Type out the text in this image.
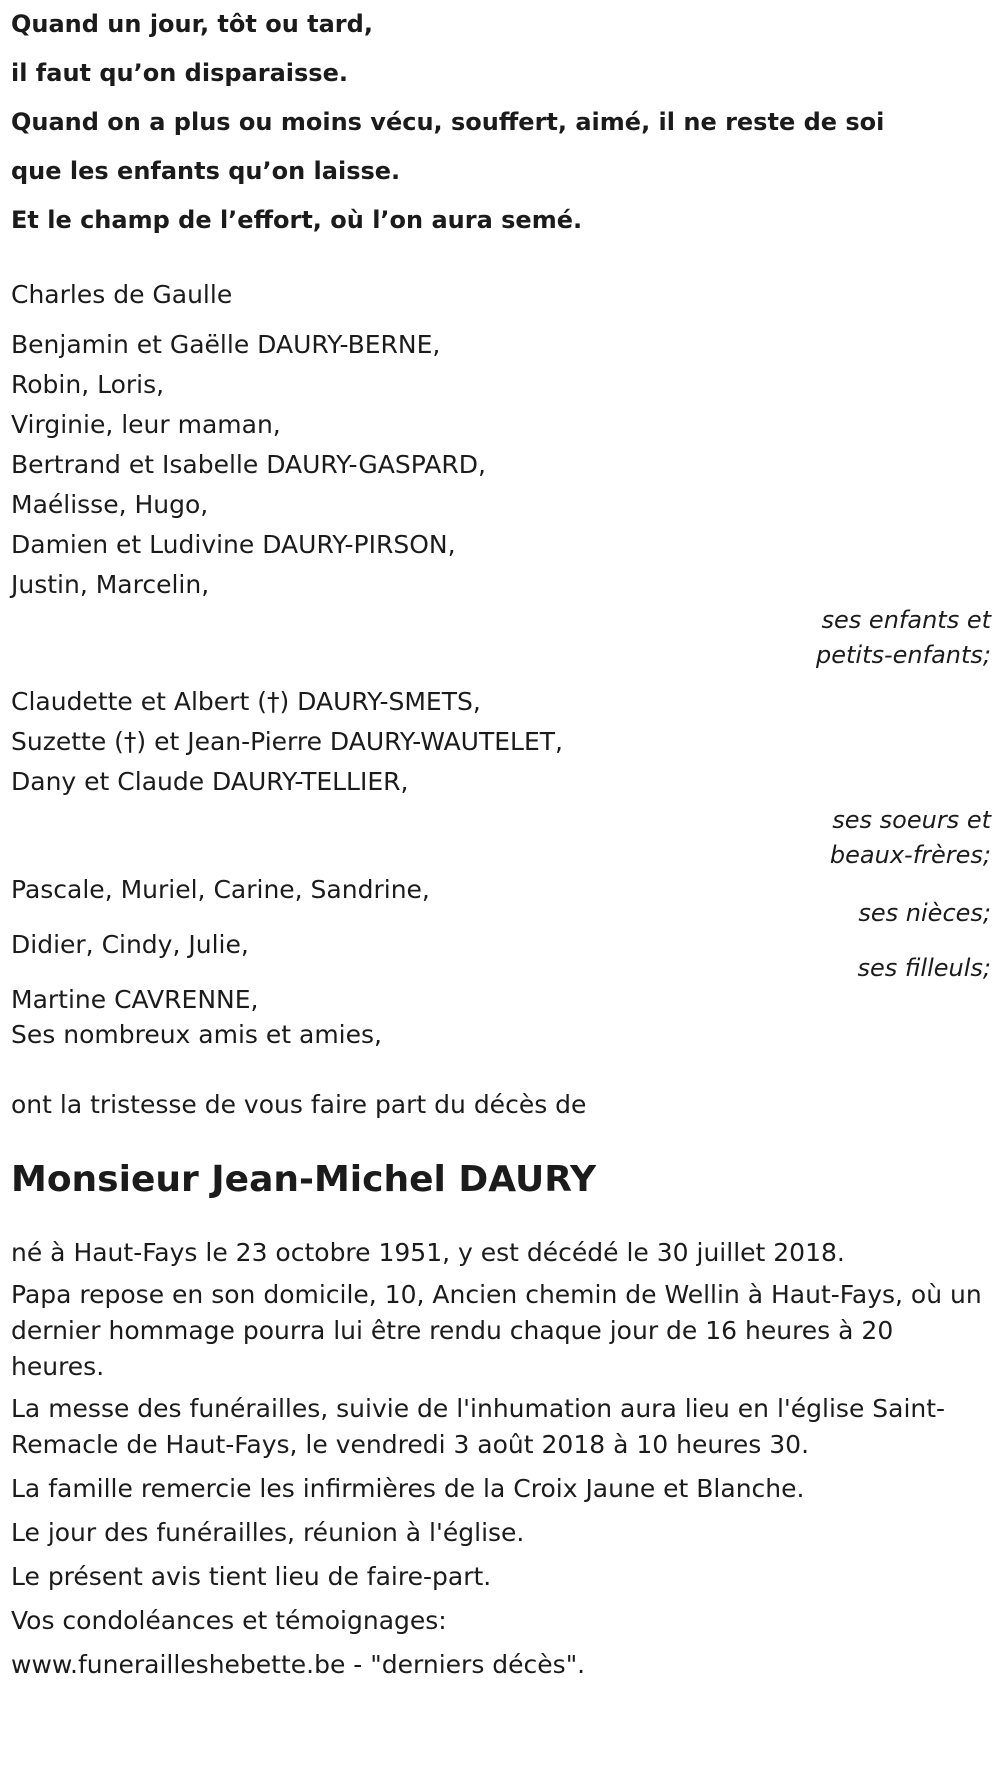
Quand un jour, tôt ou tard,
il faut qu’on disparaisse.
Quand on a plus ou moins vécu, souffert, aimé, il ne reste de soi
que les enfants qu’on laisse.
Et le champ de l’effort, où l’on aura semé.
Charles de Gaulle
Benjamin et Gaëlle DAURY-BERNE,
Robin, Loris,
Virginie, leur maman,
Bertrand et Isabelle DAURY-GASPARD,
Maélisse, Hugo,
Damien et Ludivine DAURY-PIRSON,
Justin, Marcelin,
ses enfants et
petits-enfants;
Claudette et Albert (†) DAURY-SMETS,
Suzette (†) et Jean-Pierre DAURY-WAUTELET,
Dany et Claude DAURY-TELLIER,
ses soeurs et
beaux-frères;
Pascale, Muriel, Carine, Sandrine,
ses nièces;
Didier, Cindy, Julie,
ses filleuls;
Martine CAVRENNE,
Ses nombreux amis et amies,
ont la tristesse de vous faire part du décès de
Monsieur Jean-Michel DAURY
né à Haut-Fays le 23 octobre 1951, y est décédé le 30 juillet 2018.
Papa repose en son domicile, 10, Ancien chemin de Wellin à Haut-Fays, où un dernier hommage pourra lui être rendu chaque jour de 16 heures à 20 heures.
La messe des funérailles, suivie de l'inhumation aura lieu en l'église Saint-Remacle de Haut-Fays, le vendredi 3 août 2018 à 10 heures 30.
La famille remercie les infirmières de la Croix Jaune et Blanche.
Le jour des funérailles, réunion à l'église.
Le présent avis tient lieu de faire-part.
Vos condoléances et témoignages:
www.funerailleshebette.be - "derniers décès".
